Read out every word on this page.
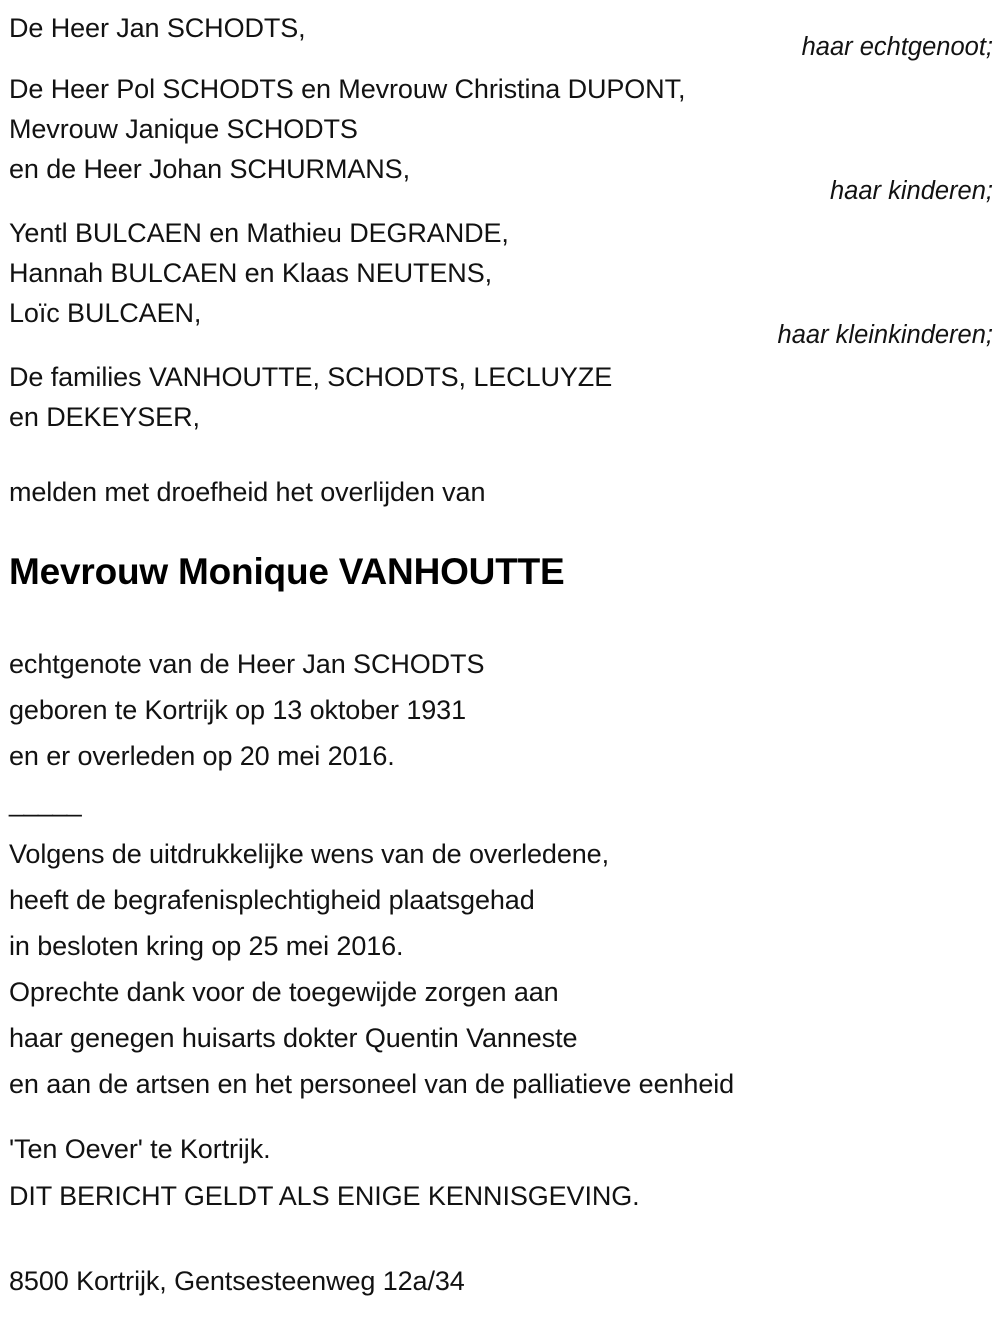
De Heer Jan SCHODTS,
haar echtgenoot;
De Heer Pol SCHODTS en Mevrouw Christina DUPONT,
Mevrouw Janique SCHODTS
en de Heer Johan SCHURMANS,
haar kinderen;
Yentl BULCAEN en Mathieu DEGRANDE,
Hannah BULCAEN en Klaas NEUTENS,
Loïc BULCAEN,
haar kleinkinderen;
De families VANHOUTTE, SCHODTS, LECLUYZE
en DEKEYSER,
melden met droefheid het overlijden van
Mevrouw Monique VANHOUTTE
echtgenote van de Heer Jan SCHODTS
geboren te Kortrijk op 13 oktober 1931
en er overleden op 20 mei 2016.
_____
Volgens de uitdrukkelijke wens van de overledene,
heeft de begrafenisplechtigheid plaatsgehad
in besloten kring op 25 mei 2016.
Oprechte dank voor de toegewijde zorgen aan
haar genegen huisarts dokter Quentin Vanneste
en aan de artsen en het personeel van de palliatieve eenheid
'Ten Oever' te Kortrijk.
DIT BERICHT GELDT ALS ENIGE KENNISGEVING.
8500 Kortrijk, Gentsesteenweg 12a/34
